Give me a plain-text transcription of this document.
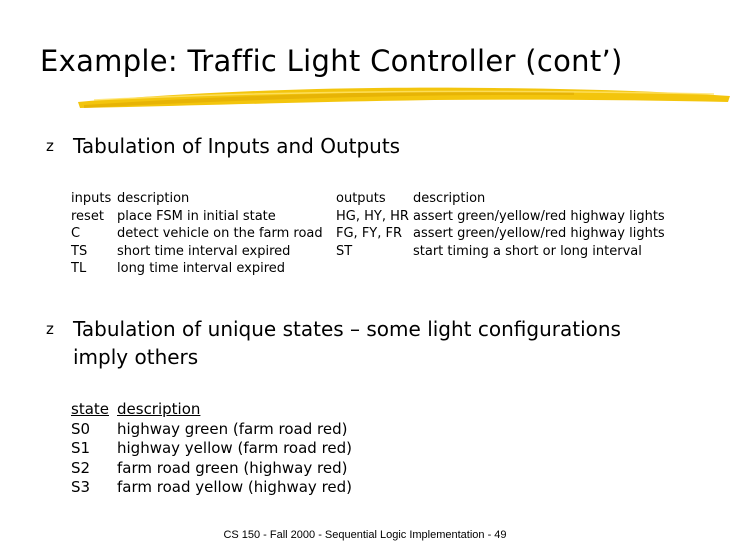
Example: Traffic Light Controller (cont’)
z Tabulation of Inputs and Outputs
inputs
reset
C
TS
TL
description
place FSM in initial state
detect vehicle on the farm road
short time interval expired
long time interval expired
outputs
HG, HY, HR
FG, FY, FR
ST
description
assert green/yellow/red highway lights
assert green/yellow/red highway lights
start timing a short or long interval
z Tabulation of unique states – some light configurations
imply others
state
S0
S1
S2
S3
description
highway green (farm road red)
highway yellow (farm road red)
farm road green (highway red)
farm road yellow (highway red)
CS 150 - Fall 2000 - Sequential Logic Implementation - 49
